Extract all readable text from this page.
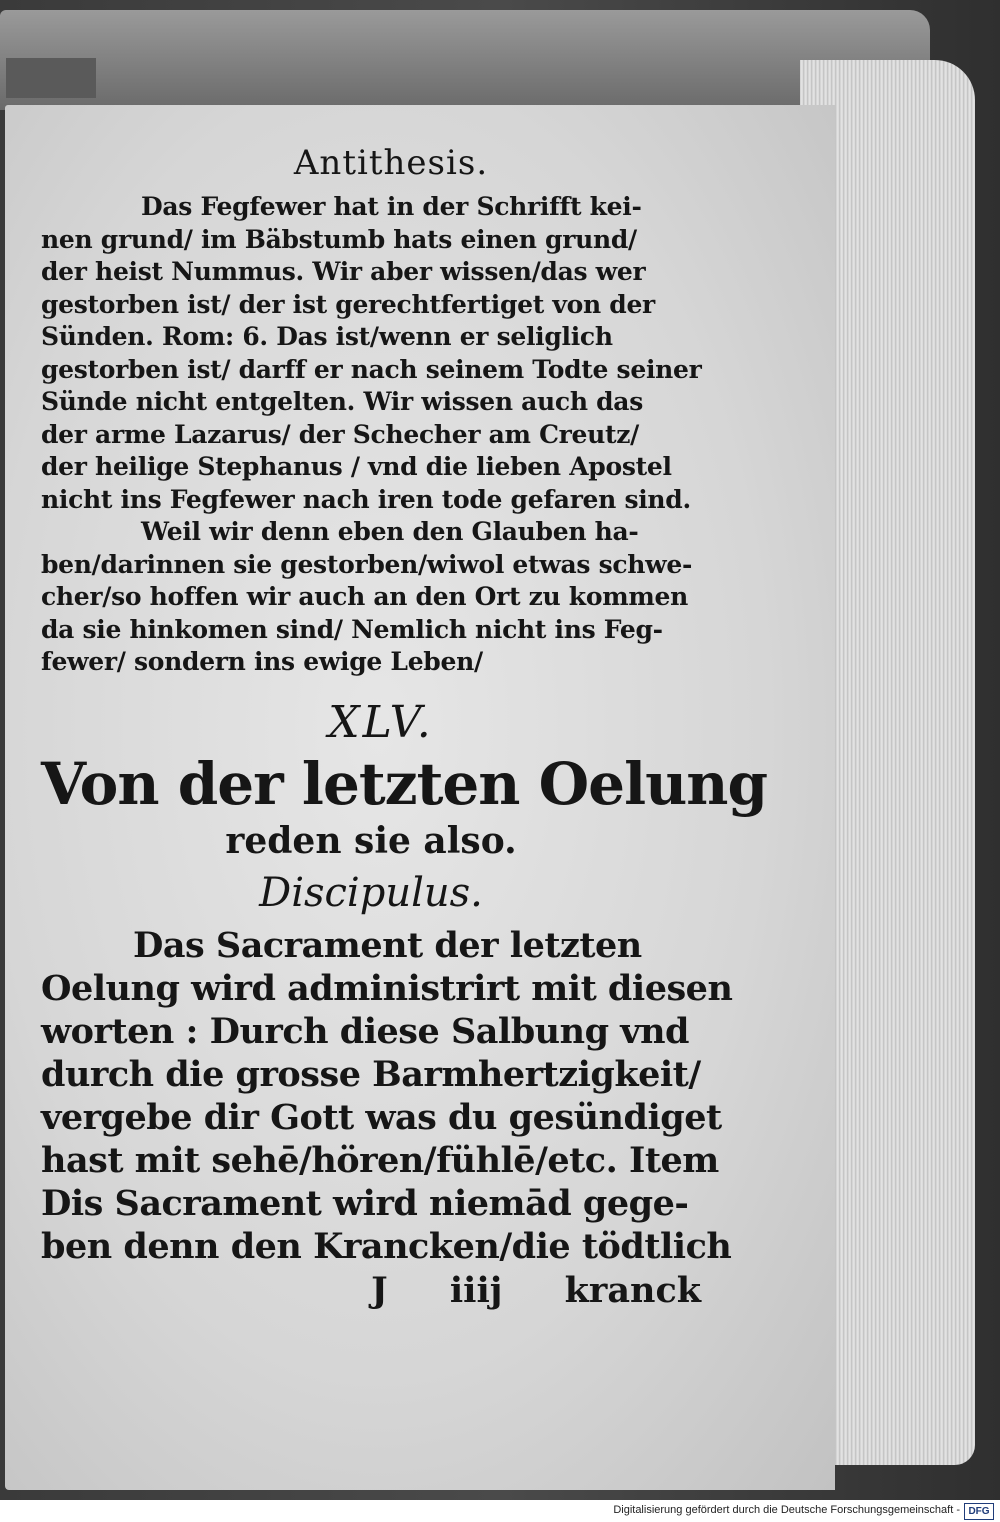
Antithesis.
Das Fegfewer hat in der Schrifft kei-
nen grund/ im Bäbstumb hats einen grund/
der heist Nummus. Wir aber wissen/das wer
gestorben ist/ der ist gerechtfertiget von der
Sünden. Rom: 6. Das ist/wenn er seliglich
gestorben ist/ darff er nach seinem Todte seiner
Sünde nicht entgelten. Wir wissen auch das
der arme Lazarus/ der Schecher am Creutz/
der heilige Stephanus / vnd die lieben Apostel
nicht ins Fegfewer nach iren tode gefaren sind.
Weil wir denn eben den Glauben ha-
ben/darinnen sie gestorben/wiwol etwas schwe-
cher/so hoffen wir auch an den Ort zu kommen
da sie hinkomen sind/ Nemlich nicht ins Feg-
fewer/ sondern ins ewige Leben/
XLV.
Von der letzten Oelung
reden sie also.
Discipulus.
Das Sacrament der letzten
Oelung wird administrirt mit diesen
worten : Durch diese Salbung vnd
durch die grosse Barmhertzigkeit/
vergebe dir Gott was du gesündiget
hast mit sehē/hören/fühlē/etc. Item
Dis Sacrament wird niemād gege-
ben denn den Krancken/die tödtlich
J iiij kranck
Digitalisierung gefördert durch die Deutsche Forschungsgemeinschaft - DFG
